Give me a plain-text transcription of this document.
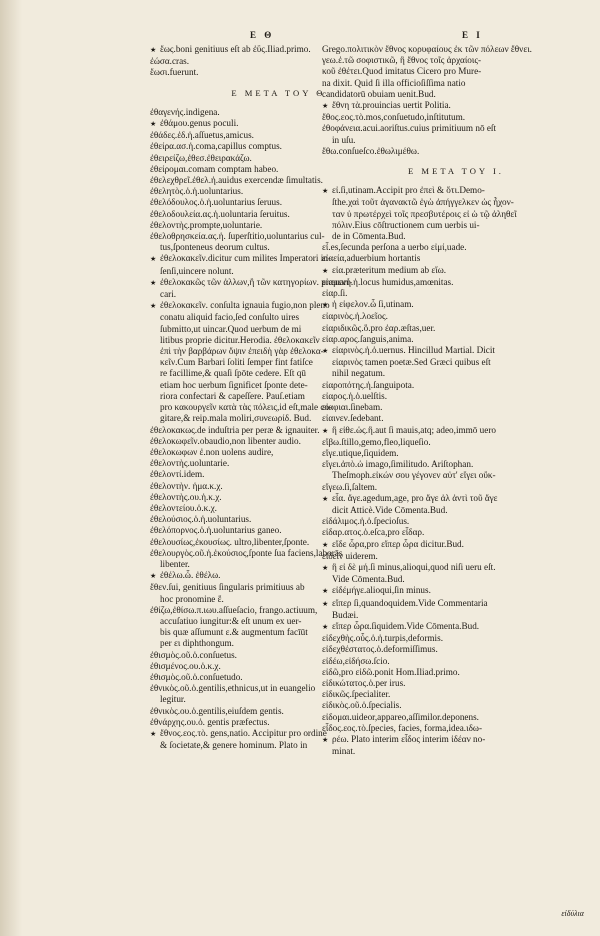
E Θ	E I

★ ἔως.boni genitiuus eſt ab ἐΰς.Iliad.primo.

ἐώσα.cras.

ἔωσι.fuerunt.

E META TOY Θ.

ἐθαγενής.indigena.

★ ἐθάμου.genus poculi.

ἐθάδες.ἐδ.ἡ.aſſuetus,amicus.

ἐθείρα.ασ.ἡ.coma,capillus comptus.

ἐθειρείζω,ἐθεσ.ἐθειρακάζω.

ἐθείρομαι.comam comptam habeo.

ἐθελεχθρεῖ.ἐθελ.ἡ.auidus exercendæ ſimultatis.

ἐθελητὸς.ὁ.ἡ.uoluntarius.

ἐθελόδουλος.ὁ.ἡ.uoluntarius ſeruus.

ἐθελοδουλεία.ας.ἡ.uoluntaria ſeruitus.

ἐθελοντὴς.prompte,uoluntarie.

ἐθελοθρησκεία.ας.ἡ. ſuperſtitio,uoluntarius cul-

tus,ſponteneus deorum cultus.

★ ἐθελοκακεῖν.dicitur cum milites Imperatori in-

ſenſi,uincere nolunt.

★ ἐθελοκακῶς τῶν ἀλλων,ἢ τῶν κατηγορίων. præuari-

cari.

★ ἐθελοκακεῖν. conſulta ignauia fugio,non pleno

conatu aliquid facio,ſed conſulto uires

ſubmitto,ut uincar.Quod uerbum de mi

litibus proprie dicitur.Herodia. ἐθελοκακεῖν

ἐπὶ τὴν βαρβάρων ὄψιν ἐπειδὴ γὰρ ἐθελοκα-

κεῖν.Cum Barbari ſoliti ſemper fint fatiſce

re facillime,& quaſi ſpōte cedere. Eſt qū

etiam hoc uerbum ſignificet ſponte dete-

riora confectari & capeſſere. Pauſ.etiam

pro κακουργεῖν κατὰ τὰς πόλεις,id eſt,male co-

gitare,& reip.mala moliri,συνεωρίδ. Bud.

ἐθελοκακως.de induſtria per peræ & ignauiter.

ἐθελοκωφεῖν.obaudio,non libenter audio.

ἐθελοκωφων ἐ.non uolens audire,

ἐθελοντὴς.uoluntarie.

ἐθελοντί.idem.

ἐθελοντὴν. ἡμα.κ.χ.

ἐθελοντὴς.ου.ἡ.κ.χ.

ἐθελοντείου.ὁ.κ.χ.

ἐθελούσιος.ὁ.ἡ.uoluntarius.

ἐθελόπορνος.ὁ.ἡ.uoluntarius ganeo.

ἐθελουσίως,ἐκουσίως. ultro,libenter,ſponte.

ἐθελουργὸς.οῦ.ἡ.ἐκούσιος,ſponte ſua faciens,laborās

libenter.

★ ἐθέλω.ὧ. ἐθέλω.

ἔθεν.ſui, genitiuus ſingularis primitiuus ab

hoc pronomine ἕ.

ἐθίζω,ἐθίσω.π.ιωυ.aſſueſacio, frango.actiuum,

accuſatiuo iungitur:& eſt unum ex uer-

bis quæ aſſumunt ε.& augmentum facīūt

per ει diphthongum.

ἐθισμὸς.οῦ.ὁ.conſuetus.

ἐθισμένος.ου.ὁ.κ.χ.

ἐθισμὸς.οῦ.ὁ.conſuetudo.

ἐθνικὸς.οῦ.ὁ.gentilis,ethnicus,ut in euangelio

legitur.

ἐθνικὸς.ου.ὁ.gentilis,eiuſdem gentis.

ἐθνάρχης.ου.ὁ. gentis præfectus.

★ ἔθνος.εος.τὸ. gens,natio. Accipitur pro ordine

& ſocietate,& genere hominum. Plato in

Grego.πολιτικὸν ἔθνος κορυφαίους ἐκ τῶν πόλεων ἔθνει.

γεω.ἐ.τῶ σοφιστικῶ, ἢ ἔθνος τοῖς ἀρχαίοις-

κοῦ ἐθέτει.Quod imitatus Cicero pro Mure-

na dixit. Quid ſi illa officioſiſſima natio

candidatorū obuiam uenit.Bud.

★ ἔθνη τὰ.prouincias uertit Politia.

ἔθος.εος.τὸ.mos,conſuetudo,inſtitutum.

ἐθοφάνεια.acui.aoriſtus.cuius primitiuum nō eſt

in uſu.

ἔθω.conſueſco.ἐθωλιμέθω.

E META TOY I.

★ εἰ.ſi,utinam.Accipit pro ἐπεὶ & ὅτι.Demo-

ſthe.χαὶ τοῦτ ἀγανακτῶ ἐγὼ ἀπήγγελκεν ὡς ἦχον-

ταν ὑ πρωτέρχεὶ τοῖς πρεσβυτέροις εἰ ὡ τῷ ἀληθεῖ

πόλιν.Eius cōſtructionem cum uerbis ui-

de in Cōmenta.Bud.

εἶ.es,ſecunda perſona a uerbo εἰμί,uade.

εἰαεία,aduerbium hortantis

★ εἰα.præteritum medium ab εἴω.

εἰαμενή.ἡ.locus humidus,amœnitas.

εἰαρ.ſi.

★ ἡ εἰφελον.ὧ ſi,utinam.

εἰαρινὸς.ἡ.λοεῖος.

εἰαριδικῶς.ὃ.pro ἐαρ.æſtas,uer.

εἰαρ.αρος.ſanguis,anima.

★ εἰαρινὸς.ἡ.ὁ.uernus. Hincillud Martial. Dicit

εἰαρινὸς tamen poetæ.Sed Græci quibus eſt

nihil negatum.

εἰαροπότης.ἡ.ſanguipota.

εἰαρος.ἡ.ὁ.uelſtis.

εἰαφιαι.ſinebam.

εἰαινεν.ſedebant.

★ ἢ εἰθε.ὡς.ἢ.aut ſi mauis,atq; adeo,immō uero

εἴβω.ſtillo,gemo,fleo,liqueſio.

εἴγε.utique,ſiquidem.

εἴγει.ἀπὸ.ὡ imago,ſimilitudo. Ariſtophan.

Theſmoph.εἰκών σου γέγονεν αὐτ' εἴγει οὔκ-

εἴγεω.ſi,ſaltem.

★ εἶα. ἄγε.agedum,age, pro ἄγε ἀλ ἀντὶ τοῦ ἄγε

dicit Atticè.Vide Cōmenta.Bud.

εἰδάλιμος.ἡ.ὁ.ſpecioſus.

εἰδαρ.ατος.ὁ.eſca,pro εἶδαρ.

★ εἴδε ὧρα,pro εἴπερ ὧρα dicitur.Bud.

εἰδεῖν uiderem.

★ ἢ εἰ δὲ μή.ſi minus,alioqui,quod niſi ueru eſt.

Vide Cōmenta.Bud.

★ εἰδέμήγε.alioqui,ſin minus.

★ εἴπερ ſi,quandoquidem.Vide Commentaria

Budæi.

★ εἴπερ ὧρα.ſiquidem.Vide Cōmenta.Bud.

εἰδεχθὴς.οὖς.ὁ.ἡ.turpis,deformis.

εἰδεχθέστατος.ὁ.deformiſſimus.

εἰδέω,εἰδήσω.ſcio.

εἰδῶ,pro εἰδῶ.ponit Hom.Iliad.primo.

εἰδικώτατος.ὁ.per irus.

εἰδικῶς.ſpecialiter.

εἰδικὸς.οῦ.ὁ.ſpecialis.

εἰδομαι.uideor,appareo,aſſimilor.deponens.

εἶδος.εος.τὸ.ſpecies, facies, forma,idea.ιδω-

★ ρέω. Plato interim εἶδος interim ἰδέαν no-

minat.

εἰδύλια
